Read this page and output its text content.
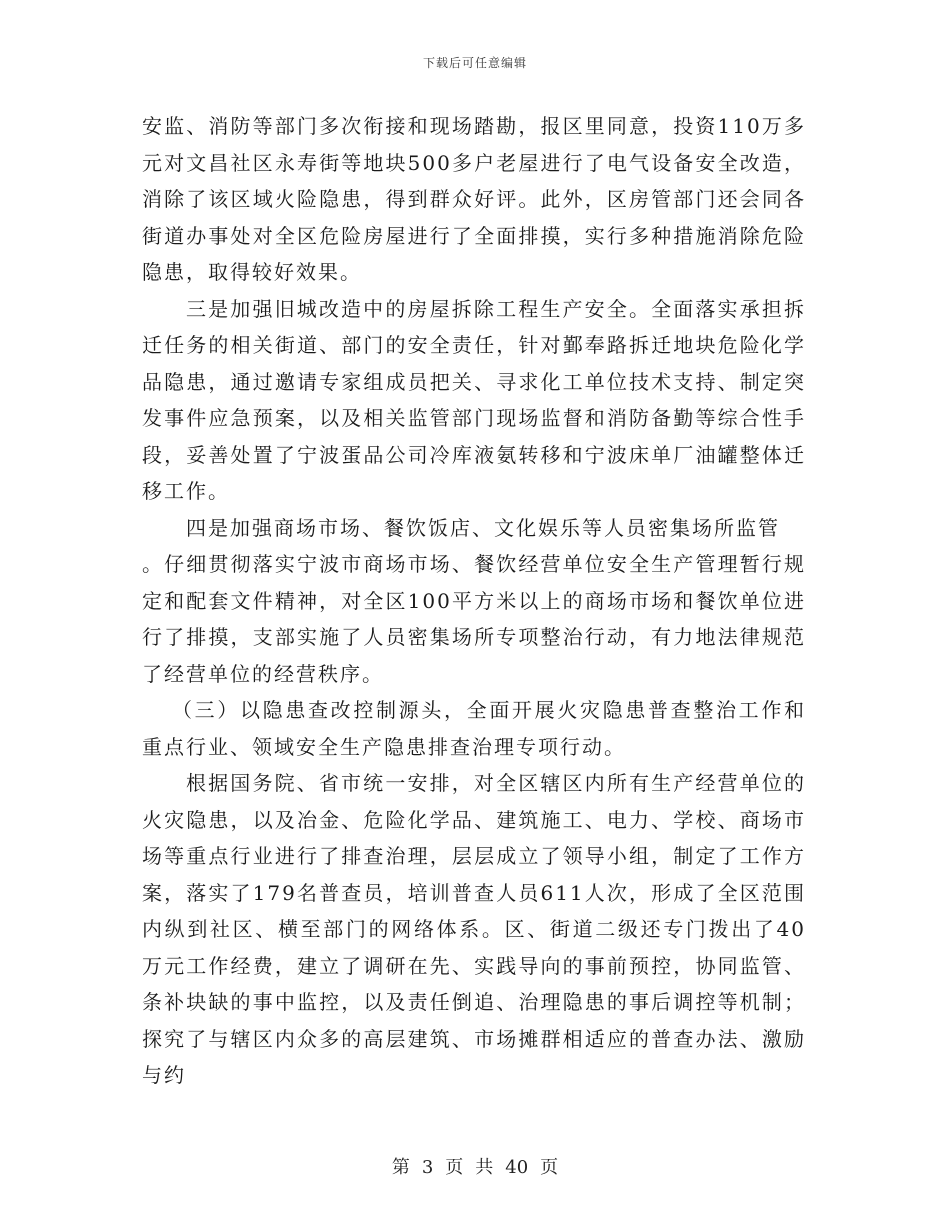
下载后可任意编辑

安监、消防等部门多次衔接和现场踏勘，报区里同意，投资110万多元对文昌社区永寿街等地块500多户老屋进行了电气设备安全改造，消除了该区域火险隐患，得到群众好评。此外，区房管部门还会同各街道办事处对全区危险房屋进行了全面排摸，实行多种措施消除危险隐患，取得较好效果。

三是加强旧城改造中的房屋拆除工程生产安全。全面落实承担拆迁任务的相关街道、部门的安全责任，针对鄞奉路拆迁地块危险化学品隐患，通过邀请专家组成员把关、寻求化工单位技术支持、制定突发事件应急预案，以及相关监管部门现场监督和消防备勤等综合性手段，妥善处置了宁波蛋品公司冷库液氨转移和宁波床单厂油罐整体迁移工作。

四是加强商场市场、餐饮饭店、文化娱乐等人员密集场所监管

。仔细贯彻落实宁波市商场市场、餐饮经营单位安全生产管理暂行规定和配套文件精神，对全区100平方米以上的商场市场和餐饮单位进行了排摸，支部实施了人员密集场所专项整治行动，有力地法律规范了经营单位的经营秩序。

（三）以隐患查改控制源头，全面开展火灾隐患普查整治工作和重点行业、领域安全生产隐患排查治理专项行动。

根据国务院、省市统一安排，对全区辖区内所有生产经营单位的火灾隐患，以及冶金、危险化学品、建筑施工、电力、学校、商场市场等重点行业进行了排查治理，层层成立了领导小组，制定了工作方案，落实了179名普查员，培训普查人员611人次，形成了全区范围内纵到社区、横至部门的网络体系。区、街道二级还专门拨出了40万元工作经费，建立了调研在先、实践导向的事前预控，协同监管、条补块缺的事中监控，以及责任倒追、治理隐患的事后调控等机制；探究了与辖区内众多的高层建筑、市场摊群相适应的普查办法、激励与约

第 3 页 共 40 页
